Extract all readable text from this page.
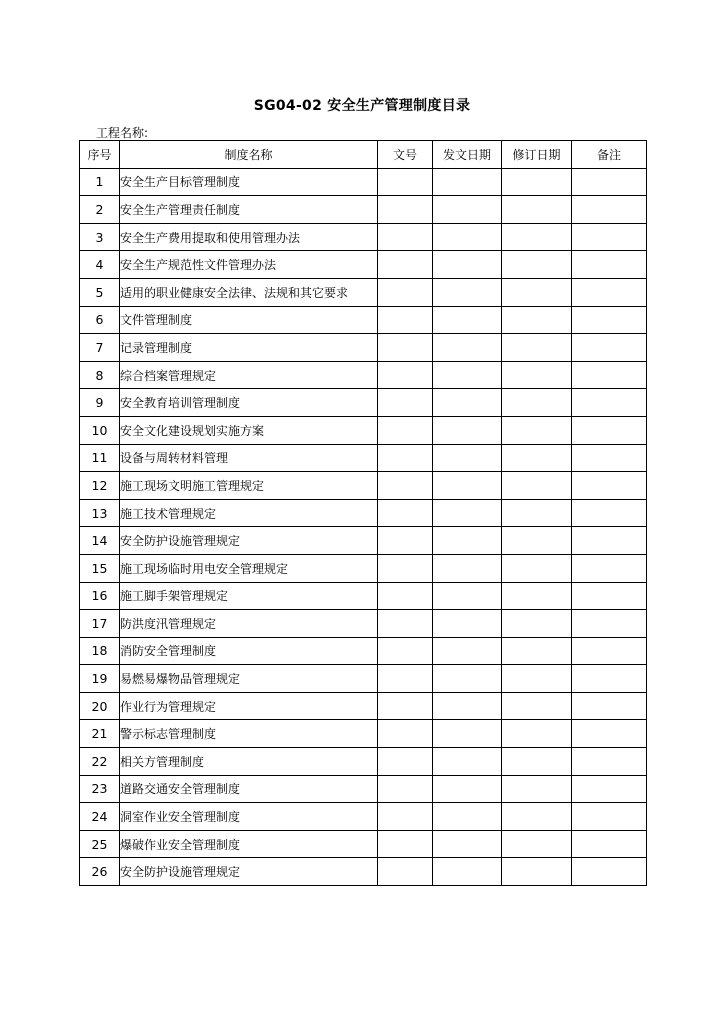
SG04-02 安全生产管理制度目录
工程名称:
序号	制度名称	文号	发文日期	修订日期	备注
1	安全生产目标管理制度				
2	安全生产管理责任制度				
3	安全生产费用提取和使用管理办法				
4	安全生产规范性文件管理办法				
5	适用的职业健康安全法律、法规和其它要求				
6	文件管理制度				
7	记录管理制度				
8	综合档案管理规定				
9	安全教育培训管理制度				
10	安全文化建设规划实施方案				
11	设备与周转材料管理				
12	施工现场文明施工管理规定				
13	施工技术管理规定				
14	安全防护设施管理规定				
15	施工现场临时用电安全管理规定				
16	施工脚手架管理规定				
17	防洪度汛管理规定				
18	消防安全管理制度				
19	易燃易爆物品管理规定				
20	作业行为管理规定				
21	警示标志管理制度				
22	相关方管理制度				
23	道路交通安全管理制度				
24	洞室作业安全管理制度				
25	爆破作业安全管理制度				
26	安全防护设施管理规定				
